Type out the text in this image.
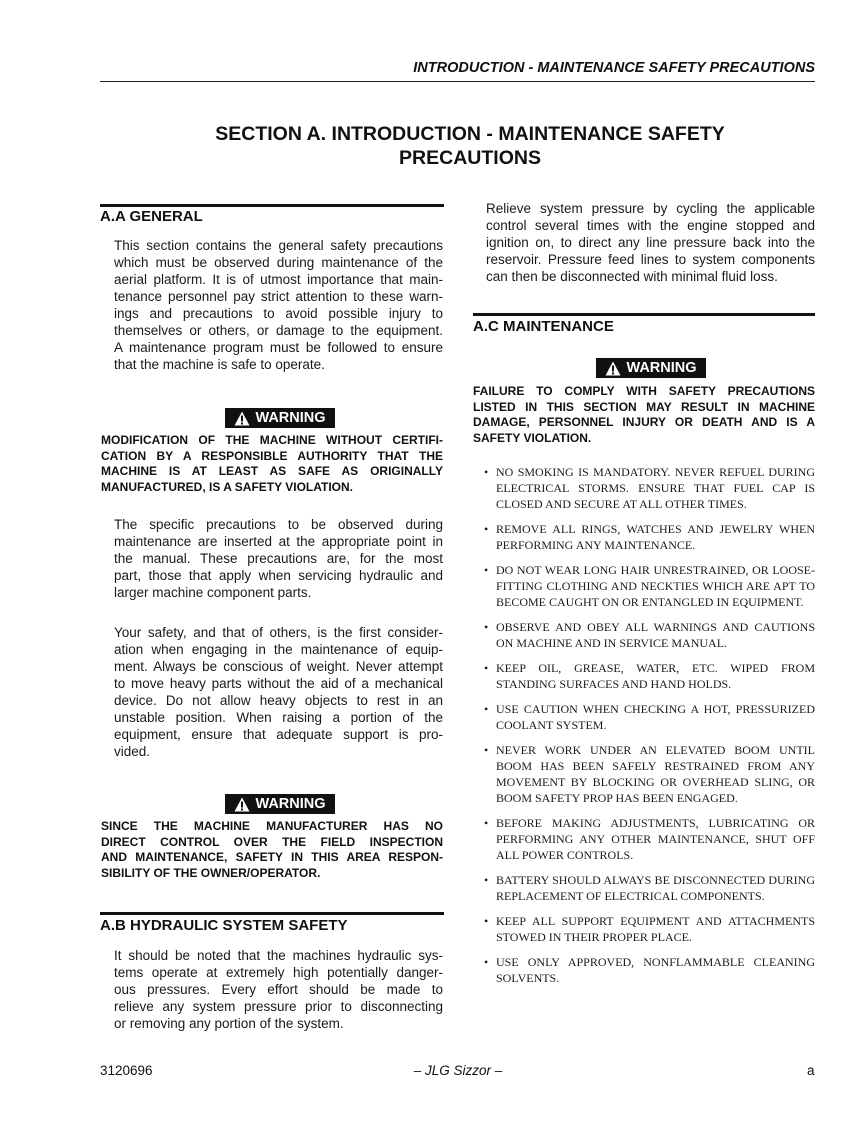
INTRODUCTION - MAINTENANCE SAFETY PRECAUTIONS
SECTION A. INTRODUCTION - MAINTENANCE SAFETY
PRECAUTIONS
A.A GENERAL
This section contains the general safety precautions
which must be observed during maintenance of the
aerial platform. It is of utmost importance that main-
tenance personnel pay strict attention to these warn-
ings and precautions to avoid possible injury to
themselves or others, or damage to the equipment.
A maintenance program must be followed to ensure
that the machine is safe to operate.
WARNING
MODIFICATION OF THE MACHINE WITHOUT CERTIFI-
CATION BY A RESPONSIBLE AUTHORITY THAT THE
MACHINE IS AT LEAST AS SAFE AS ORIGINALLY
MANUFACTURED, IS A SAFETY VIOLATION.
The specific precautions to be observed during
maintenance are inserted at the appropriate point in
the manual. These precautions are, for the most
part, those that apply when servicing hydraulic and
larger machine component parts.
Your safety, and that of others, is the first consider-
ation when engaging in the maintenance of equip-
ment. Always be conscious of weight. Never attempt
to move heavy parts without the aid of a mechanical
device. Do not allow heavy objects to rest in an
unstable position. When raising a portion of the
equipment, ensure that adequate support is pro-
vided.
WARNING
SINCE THE MACHINE MANUFACTURER HAS NO
DIRECT CONTROL OVER THE FIELD INSPECTION
AND MAINTENANCE, SAFETY IN THIS AREA RESPON-
SIBILITY OF THE OWNER/OPERATOR.
A.B HYDRAULIC SYSTEM SAFETY
It should be noted that the machines hydraulic sys-
tems operate at extremely high potentially danger-
ous pressures. Every effort should be made to
relieve any system pressure prior to disconnecting
or removing any portion of the system.
Relieve system pressure by cycling the applicable
control several times with the engine stopped and
ignition on, to direct any line pressure back into the
reservoir. Pressure feed lines to system components
can then be disconnected with minimal fluid loss.
A.C MAINTENANCE
WARNING
FAILURE TO COMPLY WITH SAFETY PRECAUTIONS
LISTED IN THIS SECTION MAY RESULT IN MACHINE
DAMAGE, PERSONNEL INJURY OR DEATH AND IS A
SAFETY VIOLATION.
• NO SMOKING IS MANDATORY. NEVER REFUEL DURING ELECTRICAL STORMS. ENSURE THAT FUEL CAP IS CLOSED AND SECURE AT ALL OTHER TIMES.
• REMOVE ALL RINGS, WATCHES AND JEWELRY WHEN PERFORMING ANY MAINTENANCE.
• DO NOT WEAR LONG HAIR UNRESTRAINED, OR LOOSE-FITTING CLOTHING AND NECKTIES WHICH ARE APT TO BECOME CAUGHT ON OR ENTANGLED IN EQUIPMENT.
• OBSERVE AND OBEY ALL WARNINGS AND CAUTIONS ON MACHINE AND IN SERVICE MANUAL.
• KEEP OIL, GREASE, WATER, ETC. WIPED FROM STANDING SURFACES AND HAND HOLDS.
• USE CAUTION WHEN CHECKING A HOT, PRESSURIZED COOLANT SYSTEM.
• NEVER WORK UNDER AN ELEVATED BOOM UNTIL BOOM HAS BEEN SAFELY RESTRAINED FROM ANY MOVEMENT BY BLOCKING OR OVERHEAD SLING, OR BOOM SAFETY PROP HAS BEEN ENGAGED.
• BEFORE MAKING ADJUSTMENTS, LUBRICATING OR PERFORMING ANY OTHER MAINTENANCE, SHUT OFF ALL POWER CONTROLS.
• BATTERY SHOULD ALWAYS BE DISCONNECTED DURING REPLACEMENT OF ELECTRICAL COMPONENTS.
• KEEP ALL SUPPORT EQUIPMENT AND ATTACHMENTS STOWED IN THEIR PROPER PLACE.
• USE ONLY APPROVED, NONFLAMMABLE CLEANING SOLVENTS.
3120696	– JLG Sizzor –	a
